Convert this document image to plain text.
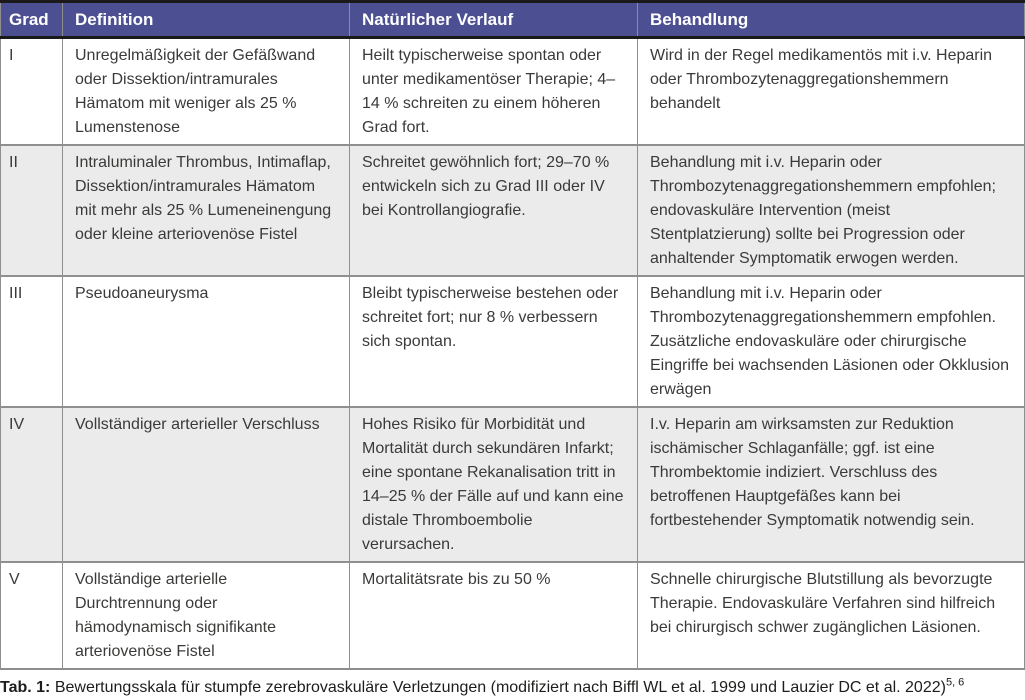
Grad	Definition	Natürlicher Verlauf	Behandlung
I	Unregelmäßigkeit der Gefäßwand oder Dissektion/intramurales Hämatom mit weniger als 25 % Lumenstenose	Heilt typischerweise spontan oder unter medikamentöser Therapie; 4–14 % schreiten zu einem höheren Grad fort.	Wird in der Regel medikamentös mit i.v. Heparin oder Thrombozytenaggregationshemmern behandelt
II	Intraluminaler Thrombus, Intimaflap, Dissektion/intramurales Hämatom mit mehr als 25 % Lumeneinengung oder kleine arteriovenöse Fistel	Schreitet gewöhnlich fort; 29–70 % entwickeln sich zu Grad III oder IV bei Kontrollangiografie.	Behandlung mit i.v. Heparin oder Thrombozytenaggregationshemmern empfohlen; endovaskuläre Intervention (meist Stentplatzierung) sollte bei Progression oder anhaltender Symptomatik erwogen werden.
III	Pseudoaneurysma	Bleibt typischerweise bestehen oder schreitet fort; nur 8 % verbessern sich spontan.	Behandlung mit i.v. Heparin oder Thrombozytenaggregationshemmern empfohlen. Zusätzliche endovaskuläre oder chirurgische Eingriffe bei wachsenden Läsionen oder Okklusion erwägen
IV	Vollständiger arterieller Verschluss	Hohes Risiko für Morbidität und Mortalität durch sekundären Infarkt; eine spontane Rekanalisation tritt in 14–25 % der Fälle auf und kann eine distale Thromboembolie verursachen.	I.v. Heparin am wirksamsten zur Reduktion ischämischer Schlaganfälle; ggf. ist eine Thrombektomie indiziert. Verschluss des betroffenen Hauptgefäßes kann bei fortbestehender Symptomatik notwendig sein.
V	Vollständige arterielle Durchtrennung oder hämodynamisch signifikante arteriovenöse Fistel	Mortalitätsrate bis zu 50 %	Schnelle chirurgische Blutstillung als bevorzugte Therapie. Endovaskuläre Verfahren sind hilfreich bei chirurgisch schwer zugänglichen Läsionen.
Tab. 1: Bewertungsskala für stumpfe zerebrovaskuläre Verletzungen (modifiziert nach Biffl WL et al. 1999 und Lauzier DC et al. 2022)$^{5, 6}$
